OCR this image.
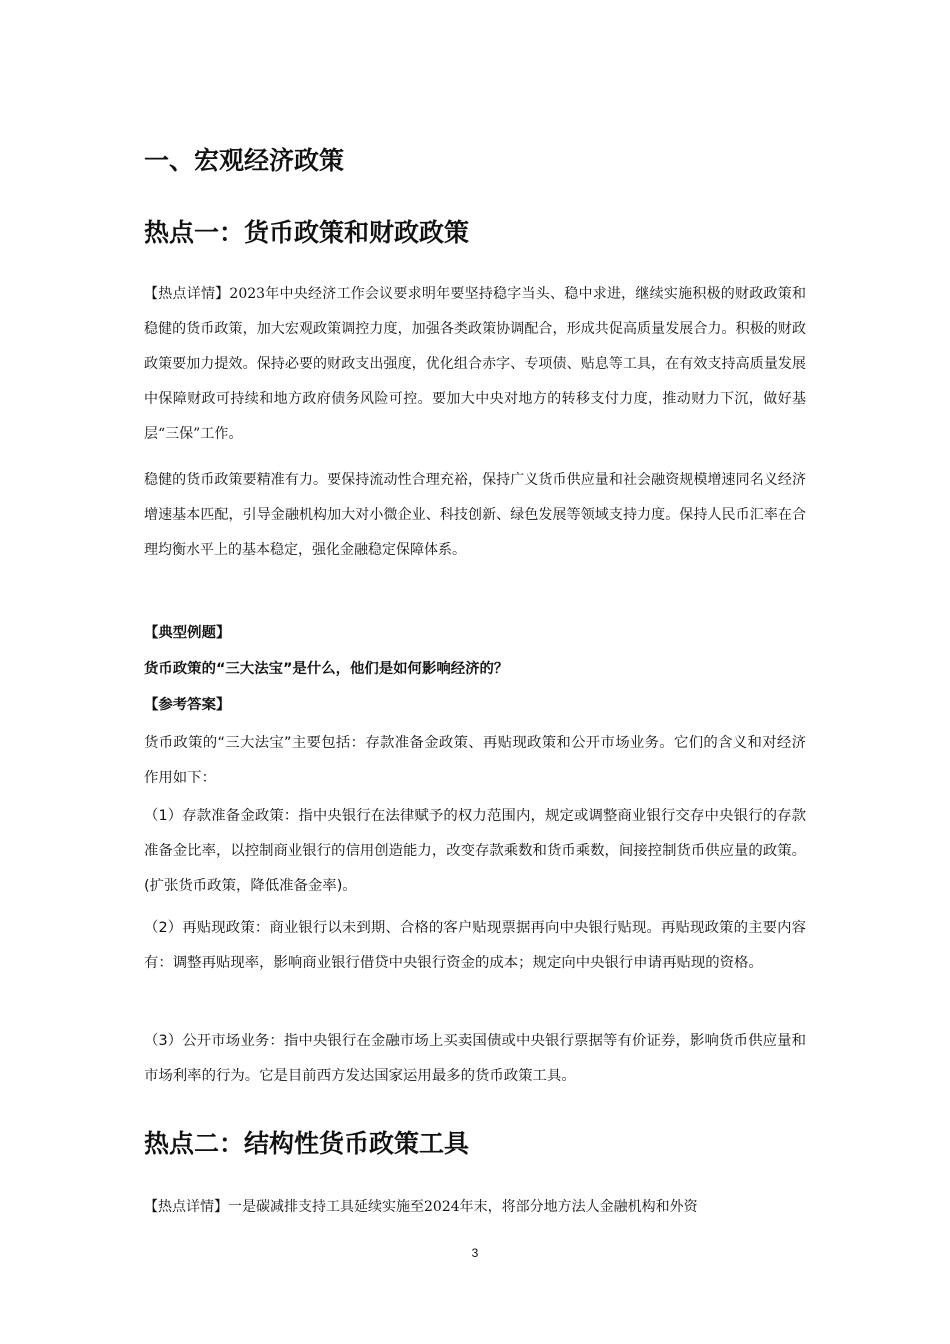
一、宏观经济政策
热点一：货币政策和财政政策

【热点详情】2023年中央经济工作会议要求明年要坚持稳字当头、稳中求进，继续实施积极的财政政策和稳健的货币政策，加大宏观政策调控力度，加强各类政策协调配合，形成共促高质量发展合力。积极的财政政策要加力提效。保持必要的财政支出强度，优化组合赤字、专项债、贴息等工具，在有效支持高质量发展中保障财政可持续和地方政府债务风险可控。要加大中央对地方的转移支付力度，推动财力下沉，做好基层“三保”工作。

稳健的货币政策要精准有力。要保持流动性合理充裕，保持广义货币供应量和社会融资规模增速同名义经济增速基本匹配，引导金融机构加大对小微企业、科技创新、绿色发展等领域支持力度。保持人民币汇率在合理均衡水平上的基本稳定，强化金融稳定保障体系。

【典型例题】
货币政策的“三大法宝”是什么，他们是如何影响经济的？
【参考答案】

货币政策的“三大法宝”主要包括：存款准备金政策、再贴现政策和公开市场业务。它们的含义和对经济作用如下：

（1）存款准备金政策：指中央银行在法律赋予的权力范围内，规定或调整商业银行交存中央银行的存款准备金比率，以控制商业银行的信用创造能力，改变存款乘数和货币乘数，间接控制货币供应量的政策。(扩张货币政策，降低准备金率)。

（2）再贴现政策：商业银行以未到期、合格的客户贴现票据再向中央银行贴现。再贴现政策的主要内容有：调整再贴现率，影响商业银行借贷中央银行资金的成本；规定向中央银行申请再贴现的资格。

（3）公开市场业务：指中央银行在金融市场上买卖国债或中央银行票据等有价证券，影响货币供应量和市场利率的行为。它是目前西方发达国家运用最多的货币政策工具。

热点二：结构性货币政策工具

【热点详情】一是碳减排支持工具延续实施至2024年末，将部分地方法人金融机构和外资

3
